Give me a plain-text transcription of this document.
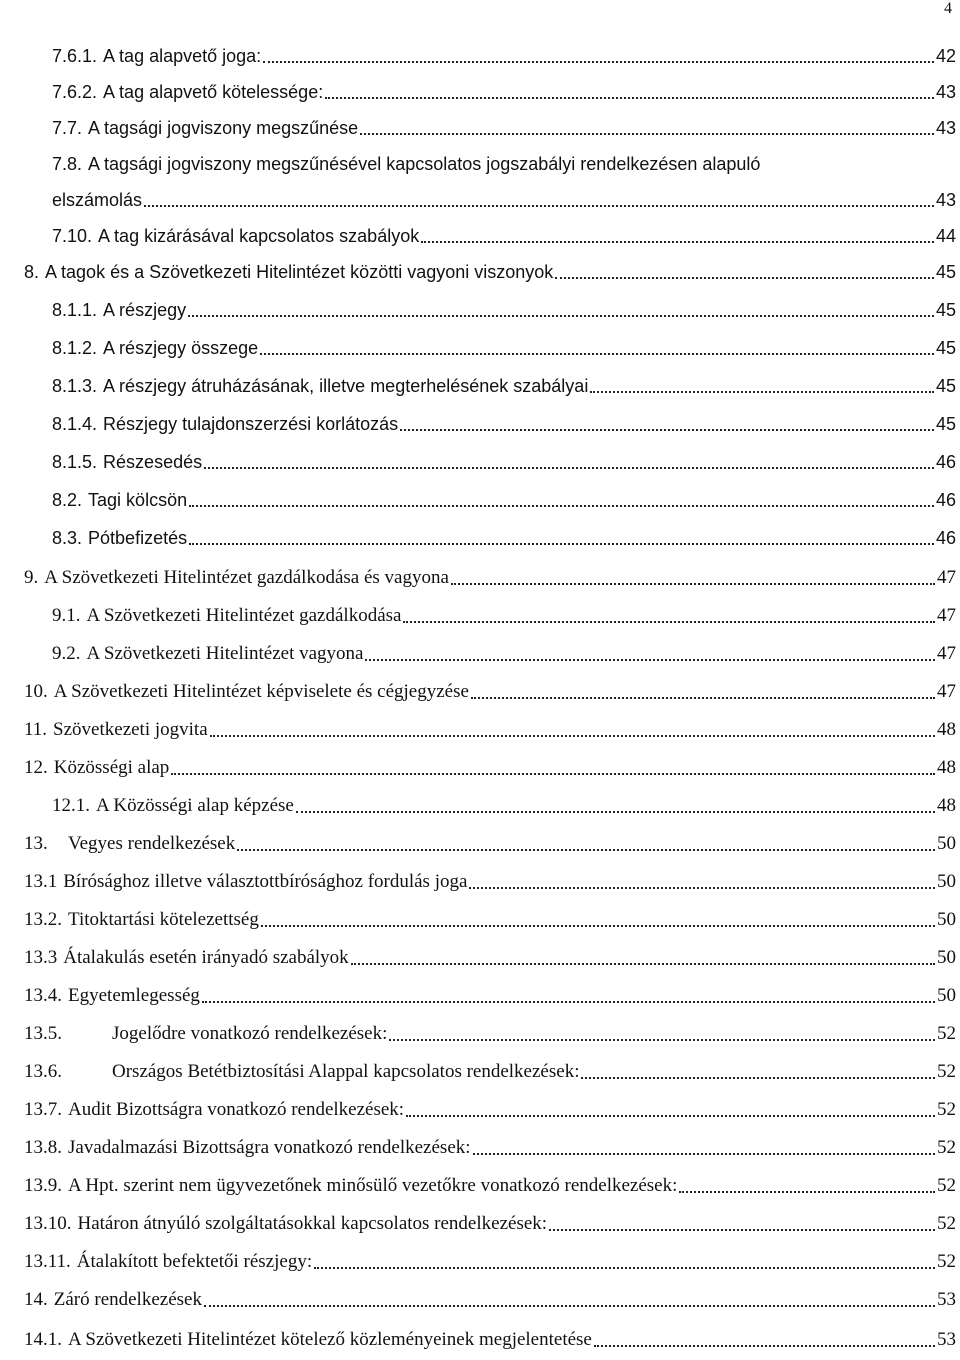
4
7.6.1. A tag alapvető joga:	42
7.6.2. A tag alapvető kötelessége:	43
7.7. A tagsági jogviszony megszűnése	43
7.8. A tagsági jogviszony megszűnésével kapcsolatos jogszabályi rendelkezésen alapuló
elszámolás	43
7.10. A tag kizárásával kapcsolatos szabályok	44
8. A tagok és a Szövetkezeti Hitelintézet közötti vagyoni viszonyok	45
8.1.1. A részjegy	45
8.1.2. A részjegy összege	45
8.1.3. A részjegy átruházásának, illetve megterhelésének szabályai	45
8.1.4. Részjegy tulajdonszerzési korlátozás	45
8.1.5. Részesedés	46
8.2. Tagi kölcsön	46
8.3. Pótbefizetés	46
9. A Szövetkezeti Hitelintézet gazdálkodása és vagyona	47
9.1. A Szövetkezeti Hitelintézet gazdálkodása	47
9.2. A Szövetkezeti Hitelintézet vagyona	47
10. A Szövetkezeti Hitelintézet képviselete és cégjegyzése	47
11. Szövetkezeti jogvita	48
12. Közösségi alap	48
12.1. A Közösségi alap képzése	48
13.	Vegyes rendelkezések	50
13.1 Bírósághoz illetve választottbírósághoz fordulás joga	50
13.2. Titoktartási kötelezettség	50
13.3 Átalakulás esetén irányadó szabályok	50
13.4. Egyetemlegesség	50
13.5.	Jogelődre vonatkozó rendelkezések:	52
13.6.	Országos Betétbiztosítási Alappal kapcsolatos rendelkezések:	52
13.7. Audit Bizottságra vonatkozó rendelkezések:	52
13.8. Javadalmazási Bizottságra vonatkozó rendelkezések:	52
13.9. A Hpt. szerint nem ügyvezetőnek minősülő vezetőkre vonatkozó rendelkezések:	52
13.10. Határon átnyúló szolgáltatásokkal kapcsolatos rendelkezések:	52
13.11. Átalakított befektetői részjegy:	52
14. Záró rendelkezések	53
14.1. A Szövetkezeti Hitelintézet kötelező közleményeinek megjelentetése	53
